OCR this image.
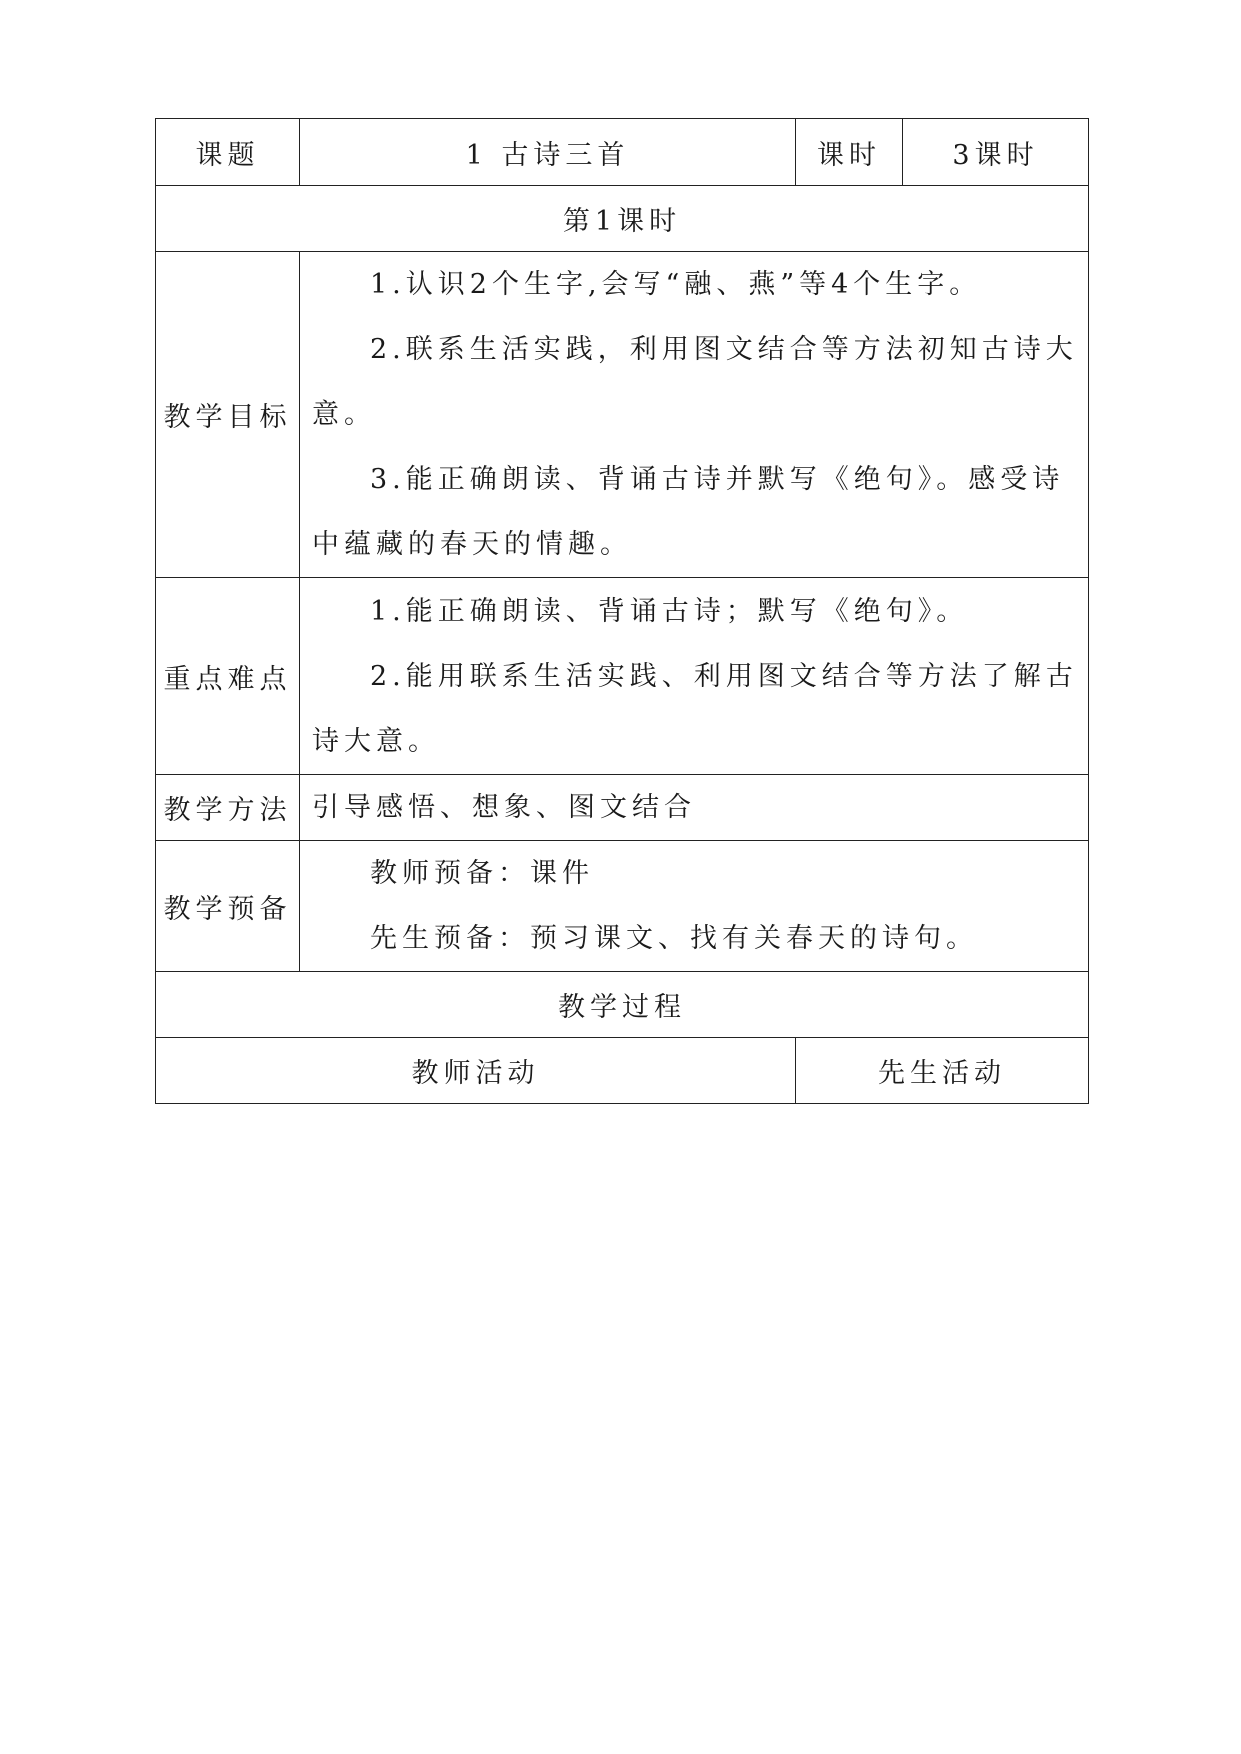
课题	1 古诗三首	课时	3课时
第1课时			
教学目标	1.认识2个生字,会写“融、燕”等4个生字。

2.联系生活实践，利用图文结合等方法初知古诗大意。

3.能正确朗读、背诵古诗并默写《绝句》。感受诗中蕴藏的春天的情趣。		

重点难点	1.能正确朗读、背诵古诗；默写《绝句》。

2.能用联系生活实践、利用图文结合等方法了解古诗大意。		

教学方法	引导感悟、想象、图文结合		

教学预备	教师预备：课件

先生预备：预习课文、找有关春天的诗句。		

教学过程			
教师活动		先生活动	
